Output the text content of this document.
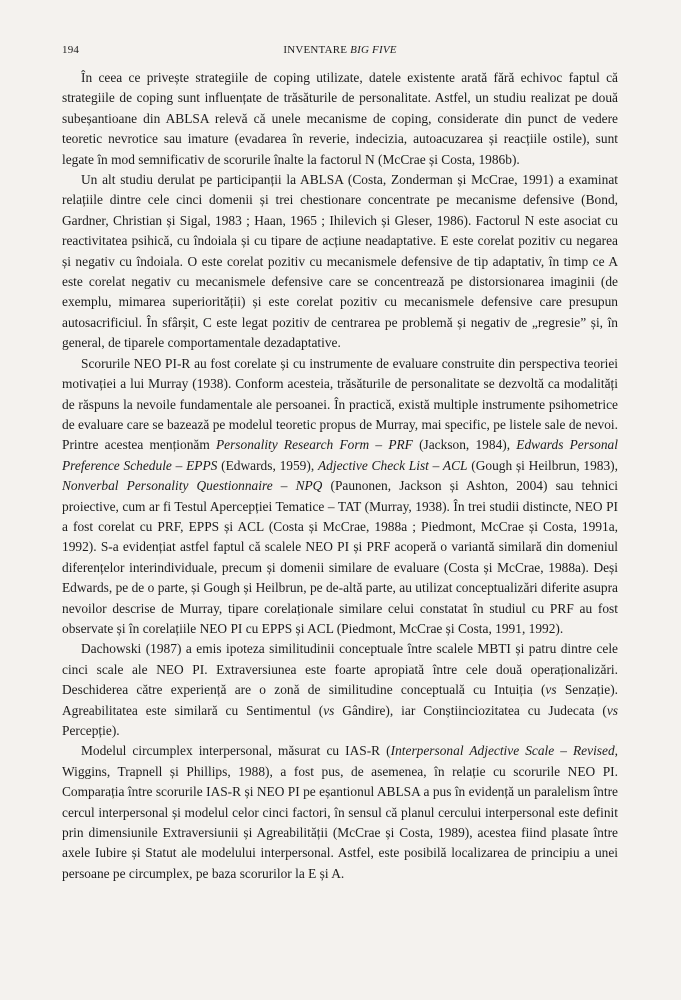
194	INVENTARE BIG FIVE

În ceea ce privește strategiile de coping utilizate, datele existente arată fără echivoc faptul că strategiile de coping sunt influențate de trăsăturile de personalitate. Astfel, un studiu realizat pe două subeșantioane din ABLSA relevă că unele mecanisme de coping, considerate din punct de vedere teoretic nevrotice sau imature (evadarea în reverie, indecizia, autoacuzarea și reacțiile ostile), sunt legate în mod semnificativ de scorurile înalte la factorul N (McCrae și Costa, 1986b).

Un alt studiu derulat pe participanții la ABLSA (Costa, Zonderman și McCrae, 1991) a examinat relațiile dintre cele cinci domenii și trei chestionare concentrate pe mecanisme defensive (Bond, Gardner, Christian și Sigal, 1983 ; Haan, 1965 ; Ihilevich și Gleser, 1986). Factorul N este asociat cu reactivitatea psihică, cu îndoiala și cu tipare de acțiune neadaptative. E este corelat pozitiv cu negarea și negativ cu îndoiala. O este corelat pozitiv cu mecanismele defensive de tip adaptativ, în timp ce A este corelat negativ cu mecanismele defensive care se concentrează pe distorsionarea imaginii (de exemplu, mimarea superiorității) și este corelat pozitiv cu mecanismele defensive care presupun autosacrificiul. În sfârșit, C este legat pozitiv de centrarea pe problemă și negativ de „regresie” și, în general, de tiparele comportamentale dezadaptative.

Scorurile NEO PI-R au fost corelate și cu instrumente de evaluare construite din perspectiva teoriei motivației a lui Murray (1938). Conform acesteia, trăsăturile de personalitate se dezvoltă ca modalități de răspuns la nevoile fundamentale ale persoanei. În practică, există multiple instrumente psihometrice de evaluare care se bazează pe modelul teoretic propus de Murray, mai specific, pe listele sale de nevoi. Printre acestea menționăm Personality Research Form – PRF (Jackson, 1984), Edwards Personal Preference Schedule – EPPS (Edwards, 1959), Adjective Check List – ACL (Gough și Heilbrun, 1983), Nonverbal Personality Questionnaire – NPQ (Paunonen, Jackson și Ashton, 2004) sau tehnici proiective, cum ar fi Testul Apercepției Tematice – TAT (Murray, 1938). În trei studii distincte, NEO PI a fost corelat cu PRF, EPPS și ACL (Costa și McCrae, 1988a ; Piedmont, McCrae și Costa, 1991a, 1992). S-a evidențiat astfel faptul că scalele NEO PI și PRF acoperă o variantă similară din domeniul diferențelor interindividuale, precum și domenii similare de evaluare (Costa și McCrae, 1988a). Deși Edwards, pe de o parte, și Gough și Heilbrun, pe de-altă parte, au utilizat conceptualizări diferite asupra nevoilor descrise de Murray, tipare corelaționale similare celui constatat în studiul cu PRF au fost observate și în corelațiile NEO PI cu EPPS și ACL (Piedmont, McCrae și Costa, 1991, 1992).

Dachowski (1987) a emis ipoteza similitudinii conceptuale între scalele MBTI și patru dintre cele cinci scale ale NEO PI. Extraversiunea este foarte apropiată între cele două operaționalizări. Deschiderea către experiență are o zonă de similitudine conceptuală cu Intuiția (vs Senzație). Agreabilitatea este similară cu Sentimentul (vs Gândire), iar Conștiinciozitatea cu Judecata (vs Percepție).

Modelul circumplex interpersonal, măsurat cu IAS-R (Interpersonal Adjective Scale – Revised, Wiggins, Trapnell și Phillips, 1988), a fost pus, de asemenea, în relație cu scorurile NEO PI. Comparația între scorurile IAS-R și NEO PI pe eșantionul ABLSA a pus în evidență un paralelism între cercul interpersonal și modelul celor cinci factori, în sensul că planul cercului interpersonal este definit prin dimensiunile Extraversiunii și Agreabilității (McCrae și Costa, 1989), acestea fiind plasate între axele Iubire și Statut ale modelului interpersonal. Astfel, este posibilă localizarea de principiu a unei persoane pe circumplex, pe baza scorurilor la E și A.
